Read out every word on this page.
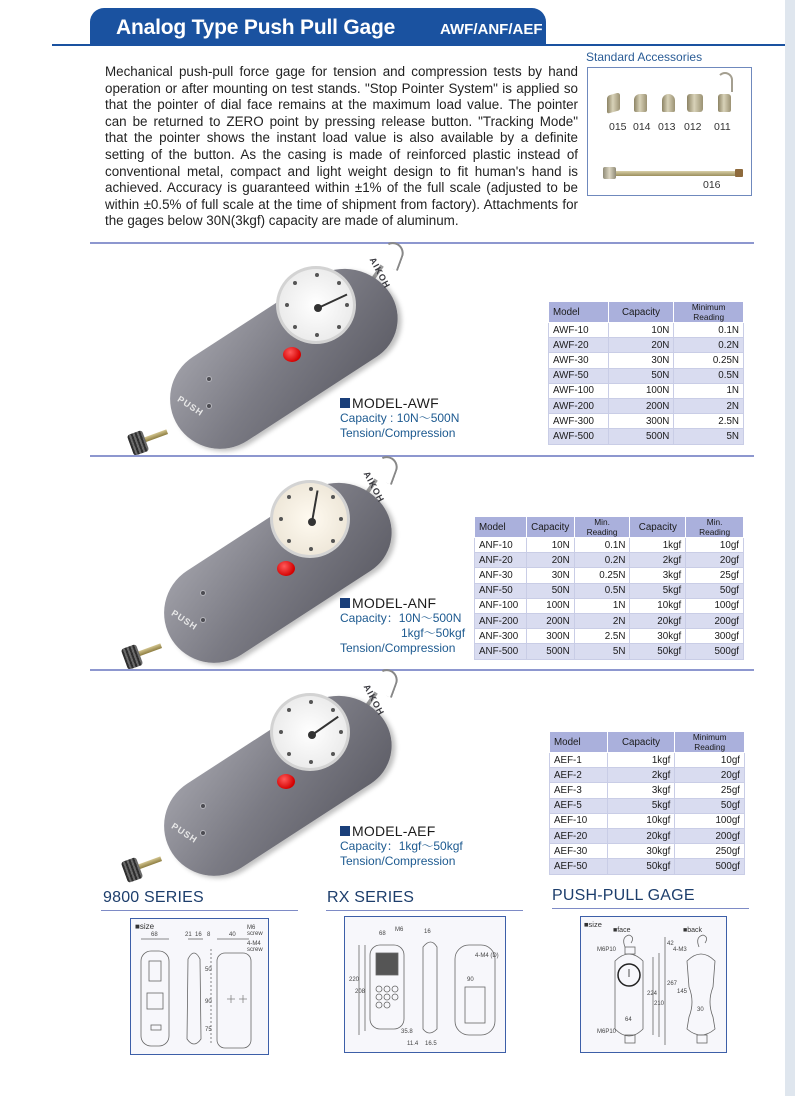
Analog Type Push Pull Gage	AWF/ANF/AEF

Mechanical push-pull force gage for tension and compression tests by hand operation or after mounting on test stands. "Stop Pointer System" is applied so that the pointer of dial face remains at the maximum load value. The pointer can be returned to ZERO point by pressing release button. "Tracking Mode" that the pointer shows the instant load value is also available by a definite setting of the button. As the casing is made of reinforced plastic instead of conventional metal, compact and light weight design to fit human's hand is achieved. Accuracy is guaranteed within ±1% of the full scale (adjusted to be within ±0.5% of full scale at the time of shipment from factory). Attachments for the gages below 30N(3kgf) capacity are made of aluminum.

Standard Accessories
015 014 013 012 011
016
PUSH
AIKOH
MODEL-AWF
Capacity : 10N～500N
Tension/Compression
Model	Capacity	Minimum Reading
AWF-10	10N	0.1N
AWF-20	20N	0.2N
AWF-30	30N	0.25N
AWF-50	50N	0.5N
AWF-100	100N	1N
AWF-200	200N	2N
AWF-300	300N	2.5N
AWF-500	500N	5N
PUSH
AIKOH
MODEL-ANF
Capacity：10N～500N
1kgf～50kgf
Tension/Compression
Model	Capacity	Min. Reading	Capacity	Min. Reading
ANF-10	10N	0.1N	1kgf	10gf
ANF-20	20N	0.2N	2kgf	20gf
ANF-30	30N	0.25N	3kgf	25gf
ANF-50	50N	0.5N	5kgf	50gf
ANF-100	100N	1N	10kgf	100gf
ANF-200	200N	2N	20kgf	200gf
ANF-300	300N	2.5N	30kgf	300gf
ANF-500	500N	5N	50kgf	500gf
PUSH
AIKOH
MODEL-AEF
Capacity：1kgf～50kgf
Tension/Compression
Model	Capacity	Minimum Reading
AEF-1	1kgf	10gf
AEF-2	2kgf	20gf
AEF-3	3kgf	25gf
AEF-5	5kgf	50gf
AEF-10	10kgf	100gf
AEF-20	20kgf	200gf
AEF-30	30kgf	250gf
AEF-50	50kgf	500gf
9800 SERIES
■size
68	21 16 8	40
M6 screw
4-M4 screw
50
90
75
RX SERIES
68
M6	16
220
208
4-M4 (D)
90
35.8
11.4 16.5
PUSH-PULL GAGE
■size
■face	■back
M6P10
42
64
224
210
267
M6P10
4-M3
145
30
